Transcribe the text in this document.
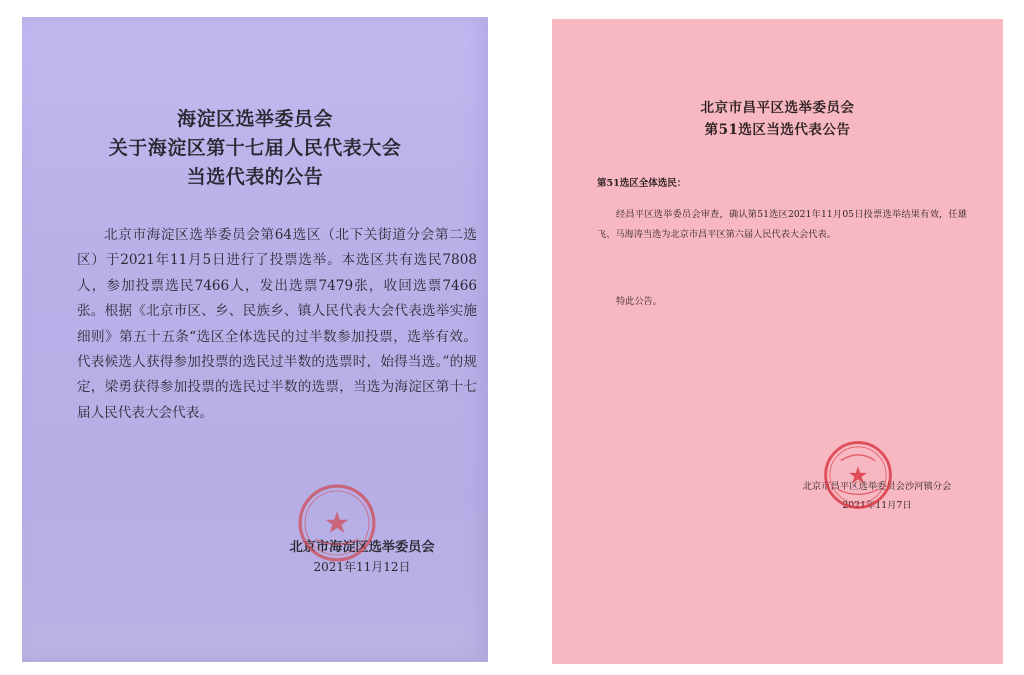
海淀区选举委员会
关于海淀区第十七届人民代表大会
当选代表的公告
北京市海淀区选举委员会第64选区（北下关街道分会第二选区）于2021年11月5日进行了投票选举。本选区共有选民7808人，参加投票选民7466人，发出选票7479张，收回选票7466张。根据《北京市区、乡、民族乡、镇人民代表大会代表选举实施细则》第五十五条“选区全体选民的过半数参加投票，选举有效。代表候选人获得参加投票的选民过半数的选票时，始得当选。”的规定，梁勇获得参加投票的选民过半数的选票，当选为海淀区第十七届人民代表大会代表。
北京市海淀区选举委员会
2021年11月12日
北京市昌平区选举委员会
第51选区当选代表公告
第51选区全体选民：
经昌平区选举委员会审查，确认第51选区2021年11月05日投票选举结果有效，任雄飞、马海涛当选为北京市昌平区第六届人民代表大会代表。
特此公告。
北京市昌平区选举委员会沙河镇分会
2021年11月7日
